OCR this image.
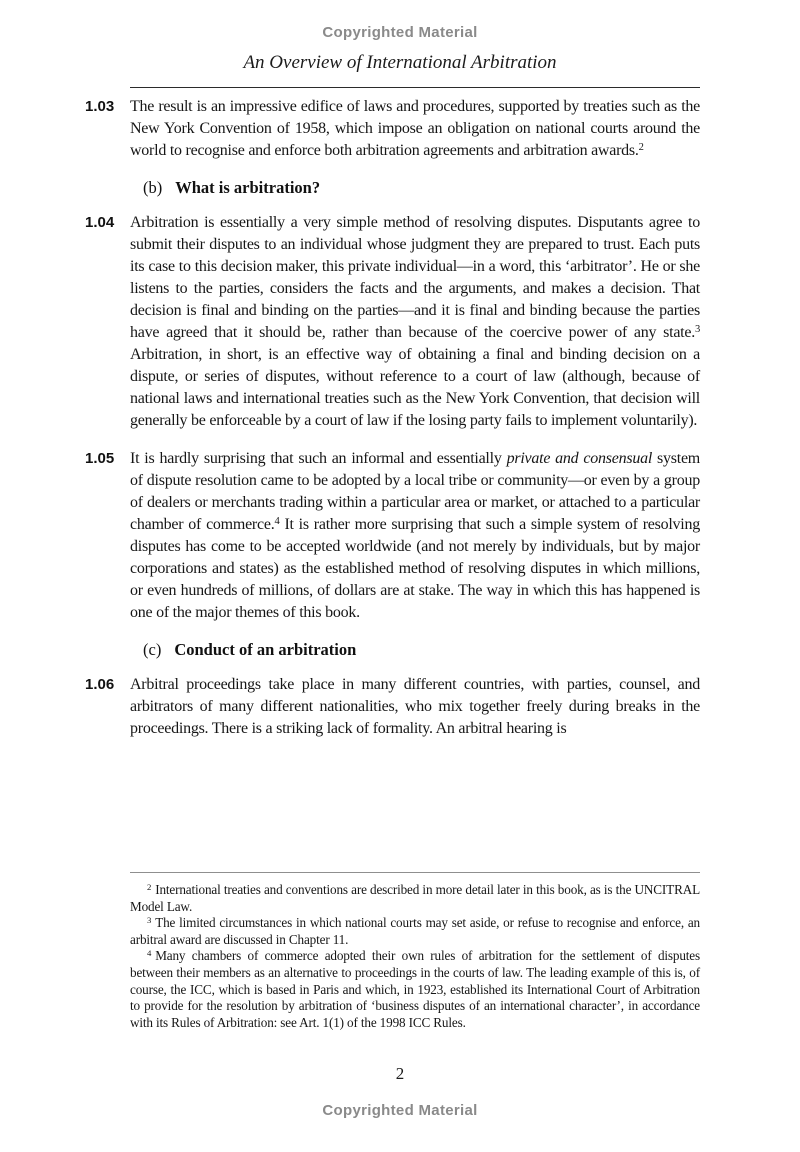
Copyrighted Material
An Overview of International Arbitration
1.03 The result is an impressive edifice of laws and procedures, supported by treaties such as the New York Convention of 1958, which impose an obligation on national courts around the world to recognise and enforce both arbitration agreements and arbitration awards.$^2$
(b) What is arbitration?
1.04 Arbitration is essentially a very simple method of resolving disputes. Disputants agree to submit their disputes to an individual whose judgment they are prepared to trust. Each puts its case to this decision maker, this private individual—in a word, this ‘arbitrator’. He or she listens to the parties, considers the facts and the arguments, and makes a decision. That decision is final and binding on the parties—and it is final and binding because the parties have agreed that it should be, rather than because of the coercive power of any state.$^3$ Arbitration, in short, is an effective way of obtaining a final and binding decision on a dispute, or series of disputes, without reference to a court of law (although, because of national laws and international treaties such as the New York Convention, that decision will generally be enforceable by a court of law if the losing party fails to implement voluntarily).
1.05 It is hardly surprising that such an informal and essentially private and consensual system of dispute resolution came to be adopted by a local tribe or community—or even by a group of dealers or merchants trading within a particular area or market, or attached to a particular chamber of commerce.$^4$ It is rather more surprising that such a simple system of resolving disputes has come to be accepted worldwide (and not merely by individuals, but by major corporations and states) as the established method of resolving disputes in which millions, or even hundreds of millions, of dollars are at stake. The way in which this has happened is one of the major themes of this book.
(c) Conduct of an arbitration
1.06 Arbitral proceedings take place in many different countries, with parties, counsel, and arbitrators of many different nationalities, who mix together freely during breaks in the proceedings. There is a striking lack of formality. An arbitral hearing is
$^2$ International treaties and conventions are described in more detail later in this book, as is the UNCITRAL Model Law.
$^3$ The limited circumstances in which national courts may set aside, or refuse to recognise and enforce, an arbitral award are discussed in Chapter 11.
$^4$ Many chambers of commerce adopted their own rules of arbitration for the settlement of disputes between their members as an alternative to proceedings in the courts of law. The leading example of this is, of course, the ICC, which is based in Paris and which, in 1923, established its International Court of Arbitration to provide for the resolution by arbitration of ‘business disputes of an international character’, in accordance with its Rules of Arbitration: see Art. 1(1) of the 1998 ICC Rules.
2
Copyrighted Material
